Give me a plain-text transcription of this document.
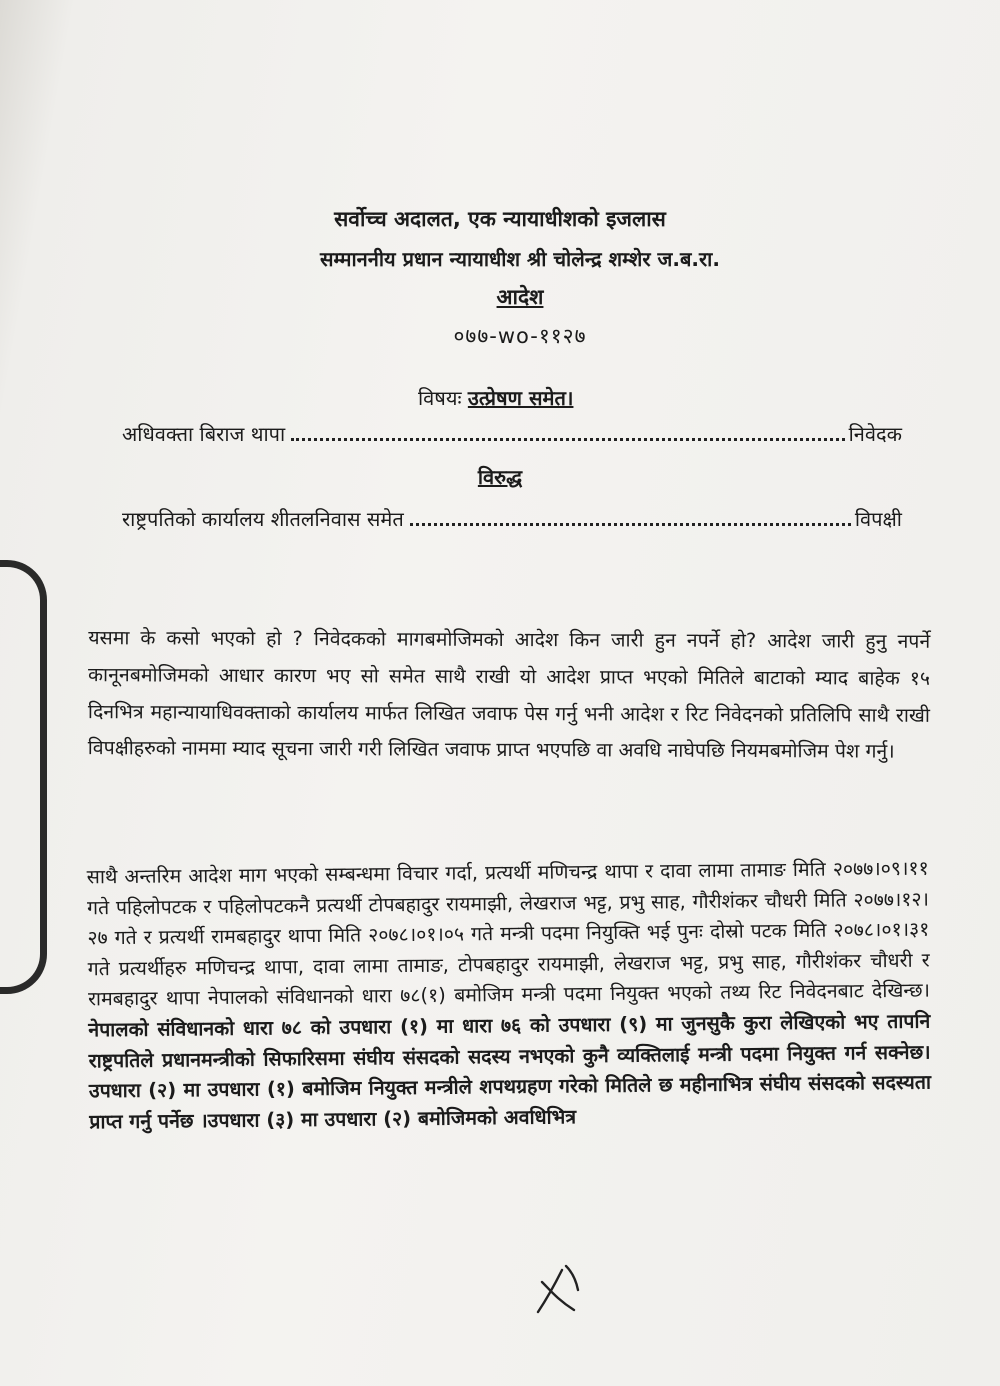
सर्वोच्च अदालत, एक न्यायाधीशको इजलास
सम्माननीय प्रधान न्यायाधीश श्री चोलेन्द्र शम्शेर ज.ब.रा.
आदेश
०७७-wo-११२७
विषयः उत्प्रेषण समेत।
अधिवक्ता बिराज थापा	निवेदक
विरुद्ध
राष्ट्रपतिको कार्यालय शीतलनिवास समेत	विपक्षी

यसमा के कसो भएको हो ? निवेदकको मागबमोजिमको आदेश किन जारी हुन नपर्ने हो? आदेश जारी हुनु नपर्ने कानूनबमोजिमको आधार कारण भए सो समेत साथै राखी यो आदेश प्राप्त भएको मितिले बाटाको म्याद बाहेक १५ दिनभित्र महान्यायाधिवक्ताको कार्यालय मार्फत लिखित जवाफ पेस गर्नु भनी आदेश र रिट निवेदनको प्रतिलिपि साथै राखी विपक्षीहरुको नाममा म्याद सूचना जारी गरी लिखित जवाफ प्राप्त भएपछि वा अवधि नाघेपछि नियमबमोजिम पेश गर्नु।

साथै अन्तरिम आदेश माग भएको सम्बन्धमा विचार गर्दा, प्रत्यर्थी मणिचन्द्र थापा र दावा लामा तामाङ मिति २०७७।०९।११ गते पहिलोपटक र पहिलोपटकनै प्रत्यर्थी टोपबहादुर रायमाझी, लेखराज भट्ट, प्रभु साह, गौरीशंकर चौधरी मिति २०७७।१२।२७ गते र प्रत्यर्थी रामबहादुर थापा मिति २०७८।०१।०५ गते मन्त्री पदमा नियुक्ति भई पुनः दोस्रो पटक मिति २०७८।०१।३१ गते प्रत्यर्थीहरु मणिचन्द्र थापा, दावा लामा तामाङ, टोपबहादुर रायमाझी, लेखराज भट्ट, प्रभु साह, गौरीशंकर चौधरी र रामबहादुर थापा नेपालको संविधानको धारा ७८(१) बमोजिम मन्त्री पदमा नियुक्त भएको तथ्य रिट निवेदनबाट देखिन्छ। नेपालको संविधानको धारा ७८ को उपधारा (१) मा धारा ७६ को उपधारा (९) मा जुनसुकै कुरा लेखिएको भए तापनि राष्ट्रपतिले प्रधानमन्त्रीको सिफारिसमा संघीय संसदको सदस्य नभएको कुनै व्यक्तिलाई मन्त्री पदमा नियुक्त गर्न सक्नेछ। उपधारा (२) मा उपधारा (१) बमोजिम नियुक्त मन्त्रीले शपथग्रहण गरेको मितिले छ महीनाभित्र संघीय संसदको सदस्यता प्राप्त गर्नु पर्नेछ ।उपधारा (३) मा उपधारा (२) बमोजिमको अवधिभित्र
